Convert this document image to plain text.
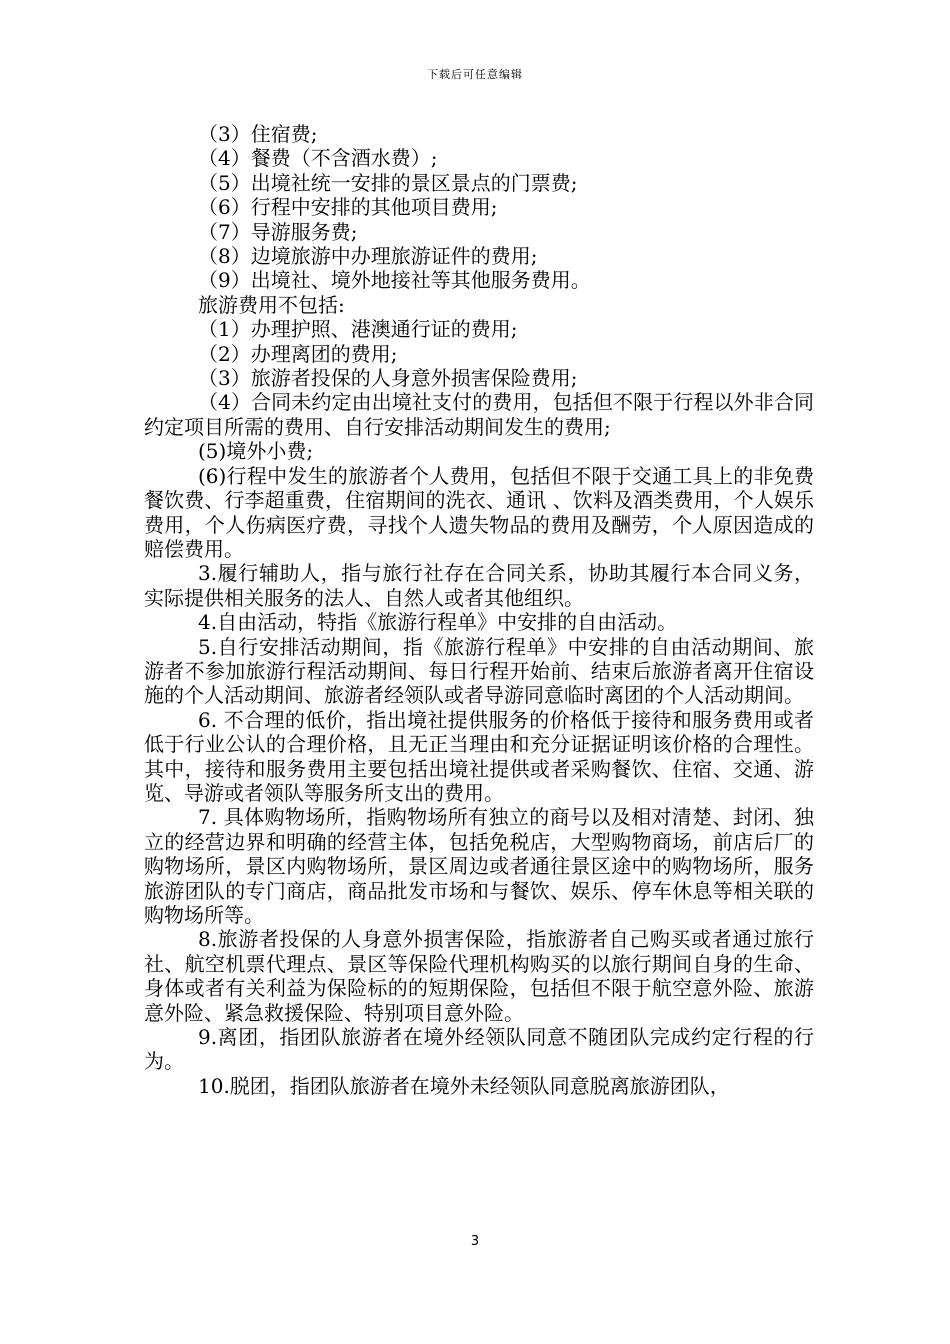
下载后可任意编辑

（3）住宿费;

（4）餐费（不含酒水费）;

（5）出境社统一安排的景区景点的门票费;

（6）行程中安排的其他项目费用;

（7）导游服务费;

（8）边境旅游中办理旅游证件的费用;

（9）出境社、境外地接社等其他服务费用。

旅游费用不包括:

（1）办理护照、港澳通行证的费用;

（2）办理离团的费用;

（3）旅游者投保的人身意外损害保险费用;

（4）合同未约定由出境社支付的费用，包括但不限于行程以外非合同约定项目所需的费用、自行安排活动期间发生的费用;

(5)境外小费;

(6)行程中发生的旅游者个人费用，包括但不限于交通工具上的非免费餐饮费、行李超重费，住宿期间的洗衣、通讯 、饮料及酒类费用，个人娱乐费用，个人伤病医疗费，寻找个人遗失物品的费用及酬劳，个人原因造成的赔偿费用。

3.履行辅助人，指与旅行社存在合同关系，协助其履行本合同义务，实际提供相关服务的法人、自然人或者其他组织。

4.自由活动，特指《旅游行程单》中安排的自由活动。

5.自行安排活动期间，指《旅游行程单》中安排的自由活动期间、旅游者不参加旅游行程活动期间、每日行程开始前、结束后旅游者离开住宿设施的个人活动期间、旅游者经领队或者导游同意临时离团的个人活动期间。

6. 不合理的低价，指出境社提供服务的价格低于接待和服务费用或者低于行业公认的合理价格，且无正当理由和充分证据证明该价格的合理性。其中，接待和服务费用主要包括出境社提供或者采购餐饮、住宿、交通、游览、导游或者领队等服务所支出的费用。

7. 具体购物场所，指购物场所有独立的商号以及相对清楚、封闭、独立的经营边界和明确的经营主体，包括免税店，大型购物商场，前店后厂的购物场所，景区内购物场所，景区周边或者通往景区途中的购物场所，服务旅游团队的专门商店，商品批发市场和与餐饮、娱乐、停车休息等相关联的购物场所等。

8.旅游者投保的人身意外损害保险，指旅游者自己购买或者通过旅行社、航空机票代理点、景区等保险代理机构购买的以旅行期间自身的生命、身体或者有关利益为保险标的的短期保险，包括但不限于航空意外险、旅游意外险、紧急救援保险、特别项目意外险。

9.离团，指团队旅游者在境外经领队同意不随团队完成约定行程的行为。

10.脱团，指团队旅游者在境外未经领队同意脱离旅游团队，

3
